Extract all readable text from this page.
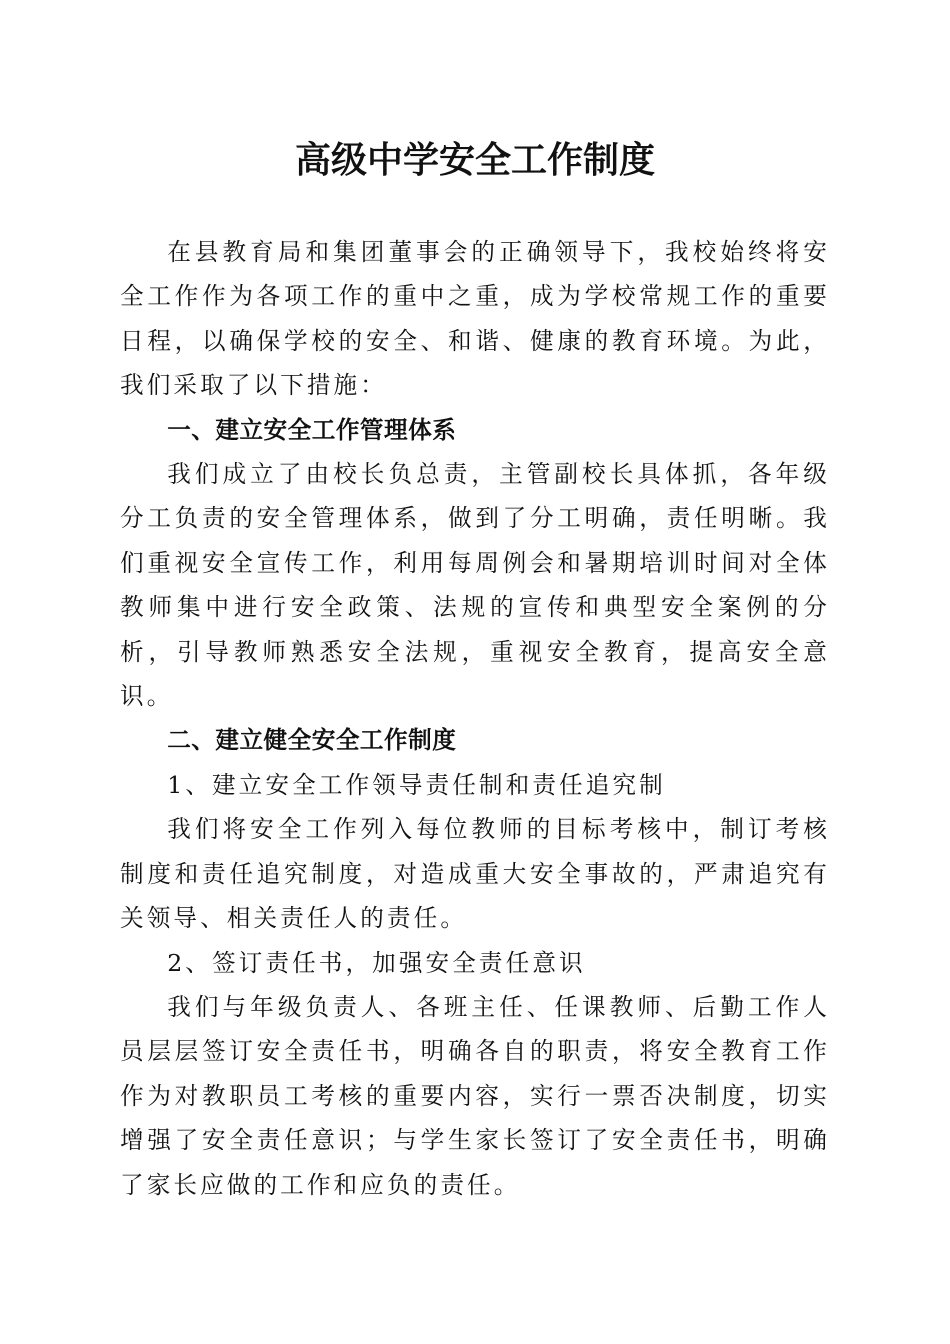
高级中学安全工作制度

在县教育局和集团董事会的正确领导下，我校始终将安全工作作为各项工作的重中之重，成为学校常规工作的重要日程，以确保学校的安全、和谐、健康的教育环境。为此，我们采取了以下措施：

一、建立安全工作管理体系

我们成立了由校长负总责，主管副校长具体抓，各年级分工负责的安全管理体系，做到了分工明确，责任明晰。我们重视安全宣传工作，利用每周例会和暑期培训时间对全体教师集中进行安全政策、法规的宣传和典型安全案例的分析，引导教师熟悉安全法规，重视安全教育，提高安全意识。

二、建立健全安全工作制度

1、建立安全工作领导责任制和责任追究制

我们将安全工作列入每位教师的目标考核中，制订考核制度和责任追究制度，对造成重大安全事故的，严肃追究有关领导、相关责任人的责任。

2、签订责任书，加强安全责任意识

我们与年级负责人、各班主任、任课教师、后勤工作人员层层签订安全责任书，明确各自的职责，将安全教育工作作为对教职员工考核的重要内容，实行一票否决制度，切实增强了安全责任意识；与学生家长签订了安全责任书，明确了家长应做的工作和应负的责任。
